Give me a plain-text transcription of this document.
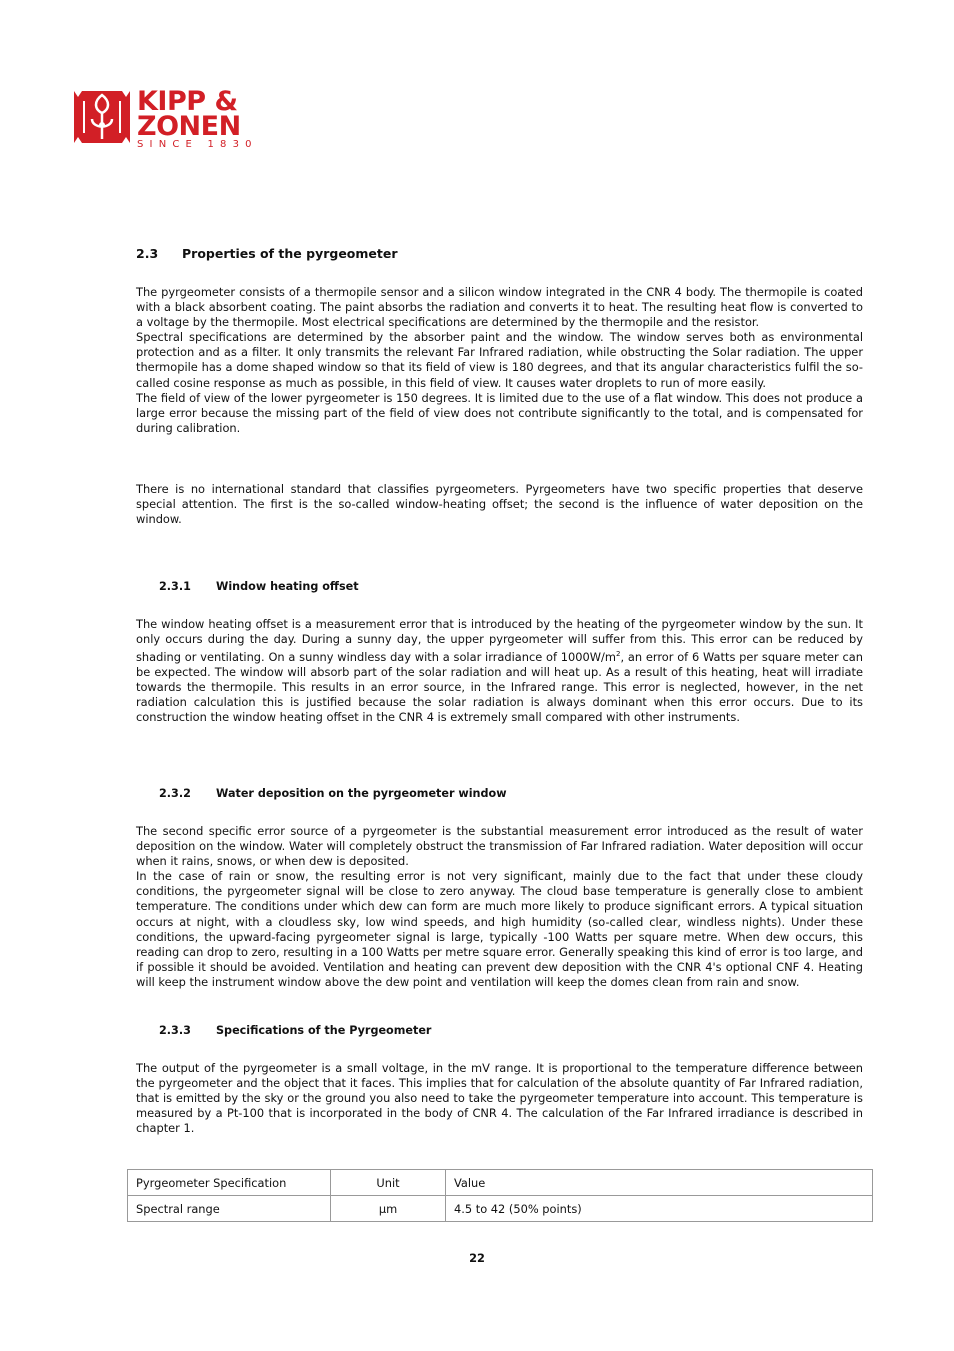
KIPP &
ZONEN
SINCE 1830
2.3 Properties of the pyrgeometer

The pyrgeometer consists of a thermopile sensor and a silicon window integrated in the CNR 4 body. The thermopile is coated with a black absorbent coating. The paint absorbs the radiation and converts it to heat. The resulting heat flow is converted to a voltage by the thermopile. Most electrical specifications are determined by the thermopile and the resistor.

Spectral specifications are determined by the absorber paint and the window. The window serves both as environmental protection and as a filter. It only transmits the relevant Far Infrared radiation, while obstructing the Solar radiation. The upper thermopile has a dome shaped window so that its field of view is 180 degrees, and that its angular characteristics fulfil the so-called cosine response as much as possible, in this field of view. It causes water droplets to run of more easily.

The field of view of the lower pyrgeometer is 150 degrees. It is limited due to the use of a flat window. This does not produce a large error because the missing part of the field of view does not contribute significantly to the total, and is compensated for during calibration.

There is no international standard that classifies pyrgeometers. Pyrgeometers have two specific properties that deserve special attention. The first is the so-called window-heating offset; the second is the influence of water deposition on the window.

2.3.1 Window heating offset

The window heating offset is a measurement error that is introduced by the heating of the pyrgeometer window by the sun. It only occurs during the day. During a sunny day, the upper pyrgeometer will suffer from this. This error can be reduced by shading or ventilating. On a sunny windless day with a solar irradiance of $1000W/m^2$, an error of 6 Watts per square meter can be expected. The window will absorb part of the solar radiation and will heat up. As a result of this heating, heat will irradiate towards the thermopile. This results in an error source, in the Infrared range. This error is neglected, however, in the net radiation calculation this is justified because the solar radiation is always dominant when this error occurs. Due to its construction the window heating offset in the CNR 4 is extremely small compared with other instruments.

2.3.2 Water deposition on the pyrgeometer window

The second specific error source of a pyrgeometer is the substantial measurement error introduced as the result of water deposition on the window. Water will completely obstruct the transmission of Far Infrared radiation. Water deposition will occur when it rains, snows, or when dew is deposited.

In the case of rain or snow, the resulting error is not very significant, mainly due to the fact that under these cloudy conditions, the pyrgeometer signal will be close to zero anyway. The cloud base temperature is generally close to ambient temperature. The conditions under which dew can form are much more likely to produce significant errors. A typical situation occurs at night, with a cloudless sky, low wind speeds, and high humidity (so-called clear, windless nights). Under these conditions, the upward-facing pyrgeometer signal is large, typically -100 Watts per square metre. When dew occurs, this reading can drop to zero, resulting in a 100 Watts per metre square error. Generally speaking this kind of error is too large, and if possible it should be avoided. Ventilation and heating can prevent dew deposition with the CNR 4's optional CNF 4. Heating will keep the instrument window above the dew point and ventilation will keep the domes clean from rain and snow.

2.3.3 Specifications of the Pyrgeometer

The output of the pyrgeometer is a small voltage, in the mV range. It is proportional to the temperature difference between the pyrgeometer and the object that it faces. This implies that for calculation of the absolute quantity of Far Infrared radiation, that is emitted by the sky or the ground you also need to take the pyrgeometer temperature into account. This temperature is measured by a Pt-100 that is incorporated in the body of CNR 4. The calculation of the Far Infrared irradiance is described in chapter 1.

Pyrgeometer Specification	Unit	Value
Spectral range	µm	4.5 to 42 (50% points)
22
